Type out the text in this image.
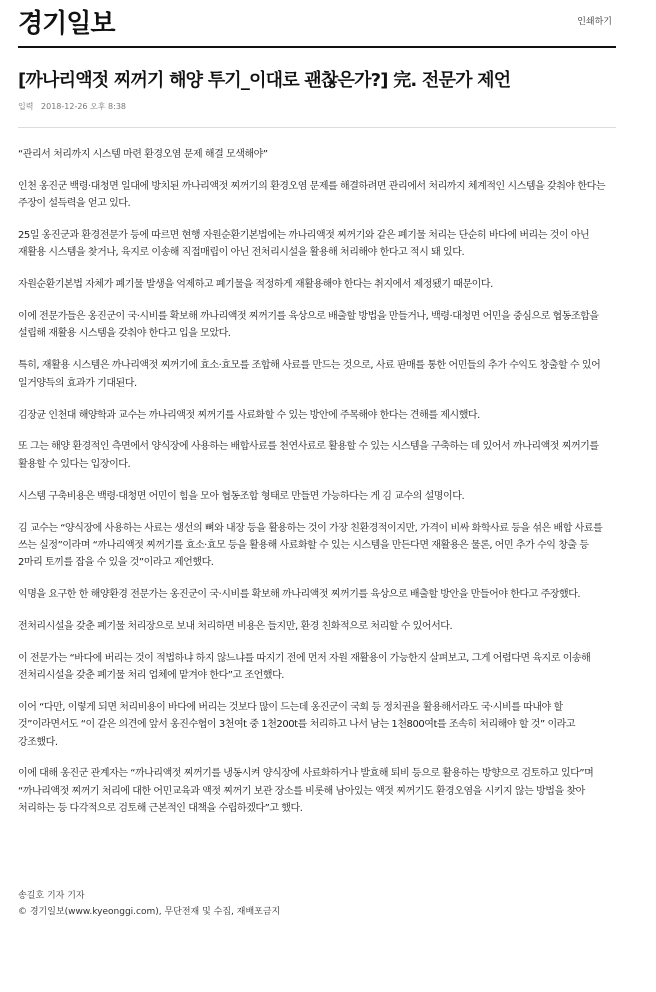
경기일보	인쇄하기
[까나리액젓 찌꺼기 해양 투기_이대로 괜찮은가?] 完. 전문가 제언
입력 2018-12-26 오후 8:38

“관리서 처리까지 시스템 마련 환경오염 문제 해결 모색해야”

인천 옹진군 백령·대청면 일대에 방치된 까나리액젓 찌꺼기의 환경오염 문제를 해결하려면 관리에서 처리까지 체계적인 시스템을 갖춰야 한다는 주장이 설득력을 얻고 있다.

25일 옹진군과 환경전문가 등에 따르면 현행 자원순환기본법에는 까나리액젓 찌꺼기와 같은 폐기물 처리는 단순히 바다에 버리는 것이 아닌 재활용 시스템을 찾거나, 육지로 이송해 직접매립이 아닌 전처리시설을 활용해 처리해야 한다고 적시 돼 있다.

자원순환기본법 자체가 폐기물 발생을 억제하고 폐기물을 적정하게 재활용해야 한다는 취지에서 제정됐기 때문이다.

이에 전문가들은 옹진군이 국·시비를 확보해 까나리액젓 찌꺼기를 육상으로 배출할 방법을 만들거나, 백령·대청면 어민을 중심으로 협동조합을 설립해 재활용 시스템을 갖춰야 한다고 입을 모았다.

특히, 재활용 시스템은 까나리액젓 찌꺼기에 효소·효모를 조합해 사료를 만드는 것으로, 사료 판매를 통한 어민들의 추가 수익도 창출할 수 있어 일거양득의 효과가 기대된다.

김장균 인천대 해양학과 교수는 까나리액젓 찌꺼기를 사료화할 수 있는 방안에 주목해야 한다는 견해를 제시했다.

또 그는 해양 환경적인 측면에서 양식장에 사용하는 배합사료를 천연사료로 활용할 수 있는 시스템을 구축하는 데 있어서 까나리액젓 찌꺼기를 활용할 수 있다는 입장이다.

시스템 구축비용은 백령·대청면 어민이 힘을 모아 협동조합 형태로 만들면 가능하다는 게 김 교수의 설명이다.

김 교수는 “양식장에 사용하는 사료는 생선의 뼈와 내장 등을 활용하는 것이 가장 친환경적이지만, 가격이 비싸 화학사료 등을 섞은 배합 사료를 쓰는 실정”이라며 “까나리액젓 찌꺼기를 효소·효모 등을 활용해 사료화할 수 있는 시스템을 만든다면 재활용은 물론, 어민 추가 수익 창출 등 2마리 토끼를 잡을 수 있을 것”이라고 제언했다.

익명을 요구한 한 해양환경 전문가는 옹진군이 국·시비를 확보해 까나리액젓 찌꺼기를 육상으로 배출할 방안을 만들어야 한다고 주장했다.

전처리시설을 갖춘 폐기물 처리장으로 보내 처리하면 비용은 들지만, 환경 친화적으로 처리할 수 있어서다.

이 전문가는 “바다에 버리는 것이 적법하냐 하지 않느냐를 따지기 전에 먼저 자원 재활용이 가능한지 살펴보고, 그게 어렵다면 육지로 이송해 전처리시설을 갖춘 폐기물 처리 업체에 맡겨야 한다”고 조언했다.

이어 “다만, 이렇게 되면 처리비용이 바다에 버리는 것보다 많이 드는데 옹진군이 국회 등 정치권을 활용해서라도 국·시비를 따내야 할 것”이라면서도 “이 같은 의견에 앞서 옹진수협이 3천여t 중 1천200t를 처리하고 나서 남는 1천800여t를 조속히 처리해야 할 것” 이라고 강조했다.

이에 대해 옹진군 관계자는 “까나리액젓 찌꺼기를 냉동시켜 양식장에 사료화하거나 발효해 퇴비 등으로 활용하는 방향으로 검토하고 있다”며 “까나리액젓 찌꺼기 처리에 대한 어민교육과 액젓 찌꺼기 보관 장소를 비롯해 남아있는 액젓 찌꺼기도 환경오염을 시키지 않는 방법을 찾아 처리하는 등 다각적으로 검토해 근본적인 대책을 수립하겠다”고 했다.

송길호 기자 기자
© 경기일보(www.kyeonggi.com), 무단전재 및 수집, 재배포금지
